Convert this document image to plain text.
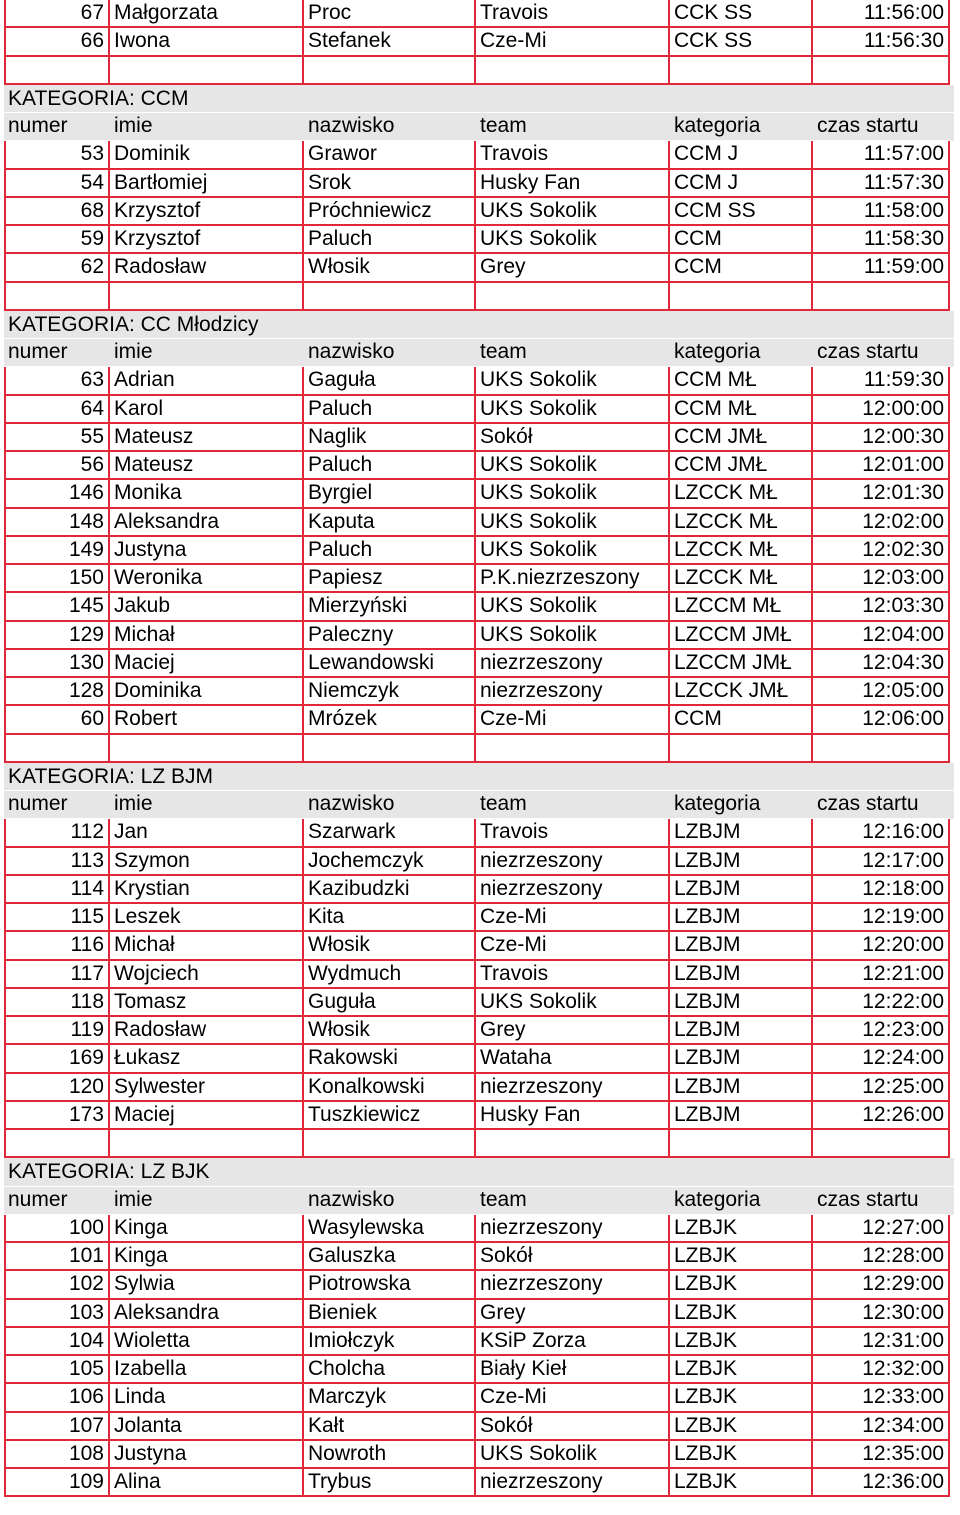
67 Małgorzata	Proc	Travois	CCK SS	11:56:00
66 Iwona	Stefanek	Cze-Mi	CCK SS	11:56:30
KATEGORIA: CCM
numer	imie	nazwisko	team	kategoria	czas startu
53 Dominik	Grawor	Travois	CCM J	11:57:00
54 Bartłomiej	Srok	Husky Fan	CCM J	11:57:30
68 Krzysztof	Próchniewicz	UKS Sokolik	CCM SS	11:58:00
59 Krzysztof	Paluch	UKS Sokolik	CCM	11:58:30
62 Radosław	Włosik	Grey	CCM	11:59:00
KATEGORIA: CC Młodzicy
numer	imie	nazwisko	team	kategoria	czas startu
63 Adrian	Gaguła	UKS Sokolik	CCM MŁ	11:59:30
64 Karol	Paluch	UKS Sokolik	CCM MŁ	12:00:00
55 Mateusz	Naglik	Sokół	CCM JMŁ	12:00:30
56 Mateusz	Paluch	UKS Sokolik	CCM JMŁ	12:01:00
146 Monika	Byrgiel	UKS Sokolik	LZCCK MŁ	12:01:30
148 Aleksandra	Kaputa	UKS Sokolik	LZCCK MŁ	12:02:00
149 Justyna	Paluch	UKS Sokolik	LZCCK MŁ	12:02:30
150 Weronika	Papiesz	P.K.niezrzeszony	LZCCK MŁ	12:03:00
145 Jakub	Mierzyński	UKS Sokolik	LZCCM MŁ	12:03:30
129 Michał	Paleczny	UKS Sokolik	LZCCM JMŁ	12:04:00
130 Maciej	Lewandowski	niezrzeszony	LZCCM JMŁ	12:04:30
128 Dominika	Niemczyk	niezrzeszony	LZCCK JMŁ	12:05:00
60 Robert	Mrózek	Cze-Mi	CCM	12:06:00
KATEGORIA: LZ BJM
numer	imie	nazwisko	team	kategoria	czas startu
112 Jan	Szarwark	Travois	LZBJM	12:16:00
113 Szymon	Jochemczyk	niezrzeszony	LZBJM	12:17:00
114 Krystian	Kazibudzki	niezrzeszony	LZBJM	12:18:00
115 Leszek	Kita	Cze-Mi	LZBJM	12:19:00
116 Michał	Włosik	Cze-Mi	LZBJM	12:20:00
117 Wojciech	Wydmuch	Travois	LZBJM	12:21:00
118 Tomasz	Guguła	UKS Sokolik	LZBJM	12:22:00
119 Radosław	Włosik	Grey	LZBJM	12:23:00
169 Łukasz	Rakowski	Wataha	LZBJM	12:24:00
120 Sylwester	Konalkowski	niezrzeszony	LZBJM	12:25:00
173 Maciej	Tuszkiewicz	Husky Fan	LZBJM	12:26:00
KATEGORIA: LZ BJK
numer	imie	nazwisko	team	kategoria	czas startu
100 Kinga	Wasylewska	niezrzeszony	LZBJK	12:27:00
101 Kinga	Galuszka	Sokół	LZBJK	12:28:00
102 Sylwia	Piotrowska	niezrzeszony	LZBJK	12:29:00
103 Aleksandra	Bieniek	Grey	LZBJK	12:30:00
104 Wioletta	Imiołczyk	KSiP Zorza	LZBJK	12:31:00
105 Izabella	Cholcha	Biały Kieł	LZBJK	12:32:00
106 Linda	Marczyk	Cze-Mi	LZBJK	12:33:00
107 Jolanta	Kałt	Sokół	LZBJK	12:34:00
108 Justyna	Nowroth	UKS Sokolik	LZBJK	12:35:00
109 Alina	Trybus	niezrzeszony	LZBJK	12:36:00
